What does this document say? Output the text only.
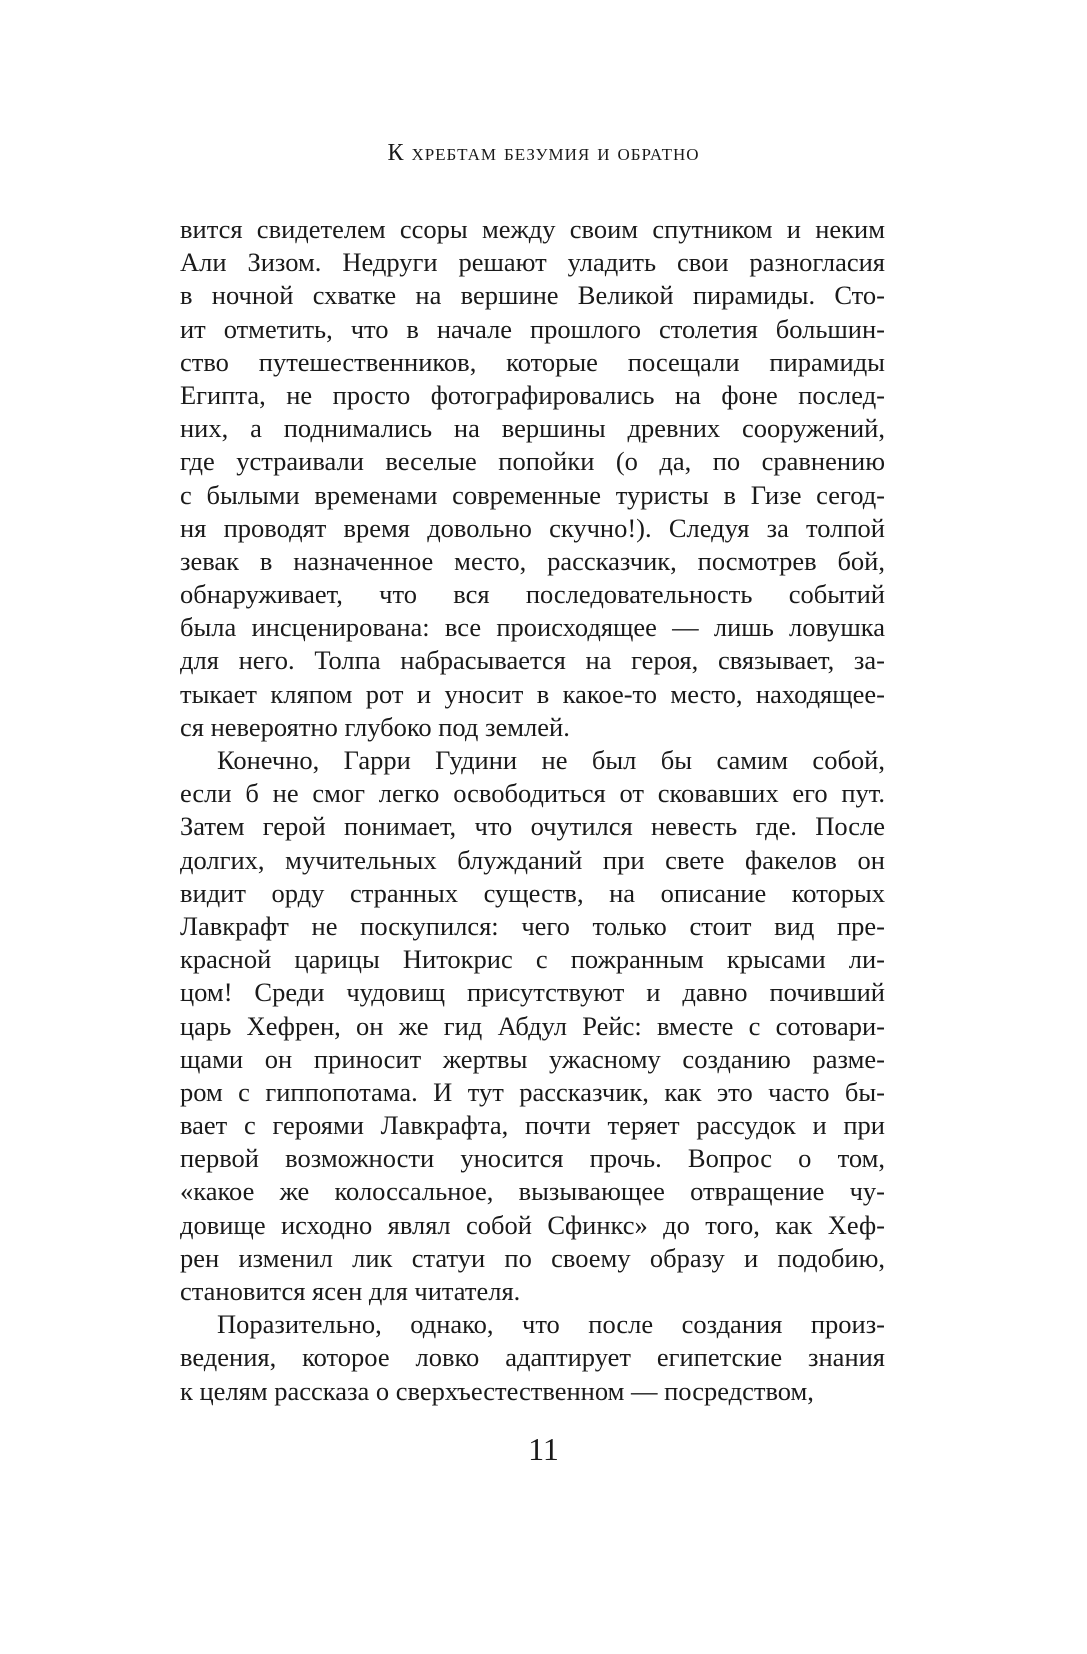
К хребтам безумия и обратно
вится свидетелем ссоры между своим спутником и неким
Али Зизом. Недруги решают уладить свои разногласия
в ночной схватке на вершине Великой пирамиды. Сто-
ит отметить, что в начале прошлого столетия большин-
ство путешественников, которые посещали пирамиды
Египта, не просто фотографировались на фоне послед-
них, а поднимались на вершины древних сооружений,
где устраивали веселые попойки (о да, по сравнению
с былыми временами современные туристы в Гизе сегод-
ня проводят время довольно скучно!). Следуя за толпой
зевак в назначенное место, рассказчик, посмотрев бой,
обнаруживает, что вся последовательность событий
была инсценирована: все происходящее — лишь ловушка
для него. Толпа набрасывается на героя, связывает, за-
тыкает кляпом рот и уносит в какое-то место, находящее-
ся невероятно глубоко под землей.
Конечно, Гарри Гудини не был бы самим собой,
если б не смог легко освободиться от сковавших его пут.
Затем герой понимает, что очутился невесть где. После
долгих, мучительных блужданий при свете факелов он
видит орду странных существ, на описание которых
Лавкрафт не поскупился: чего только стоит вид пре-
красной царицы Нитокрис с пожранным крысами ли-
цом! Среди чудовищ присутствуют и давно почивший
царь Хефрен, он же гид Абдул Рейс: вместе с сотовари-
щами он приносит жертвы ужасному созданию разме-
ром с гиппопотама. И тут рассказчик, как это часто бы-
вает с героями Лавкрафта, почти теряет рассудок и при
первой возможности уносится прочь. Вопрос о том,
«какое же колоссальное, вызывающее отвращение чу-
довище исходно являл собой Сфинкс» до того, как Хеф-
рен изменил лик статуи по своему образу и подобию,
становится ясен для читателя.
Поразительно, однако, что после создания произ-
ведения, которое ловко адаптирует египетские знания
к целям рассказа о сверхъестественном — посредством,
11
